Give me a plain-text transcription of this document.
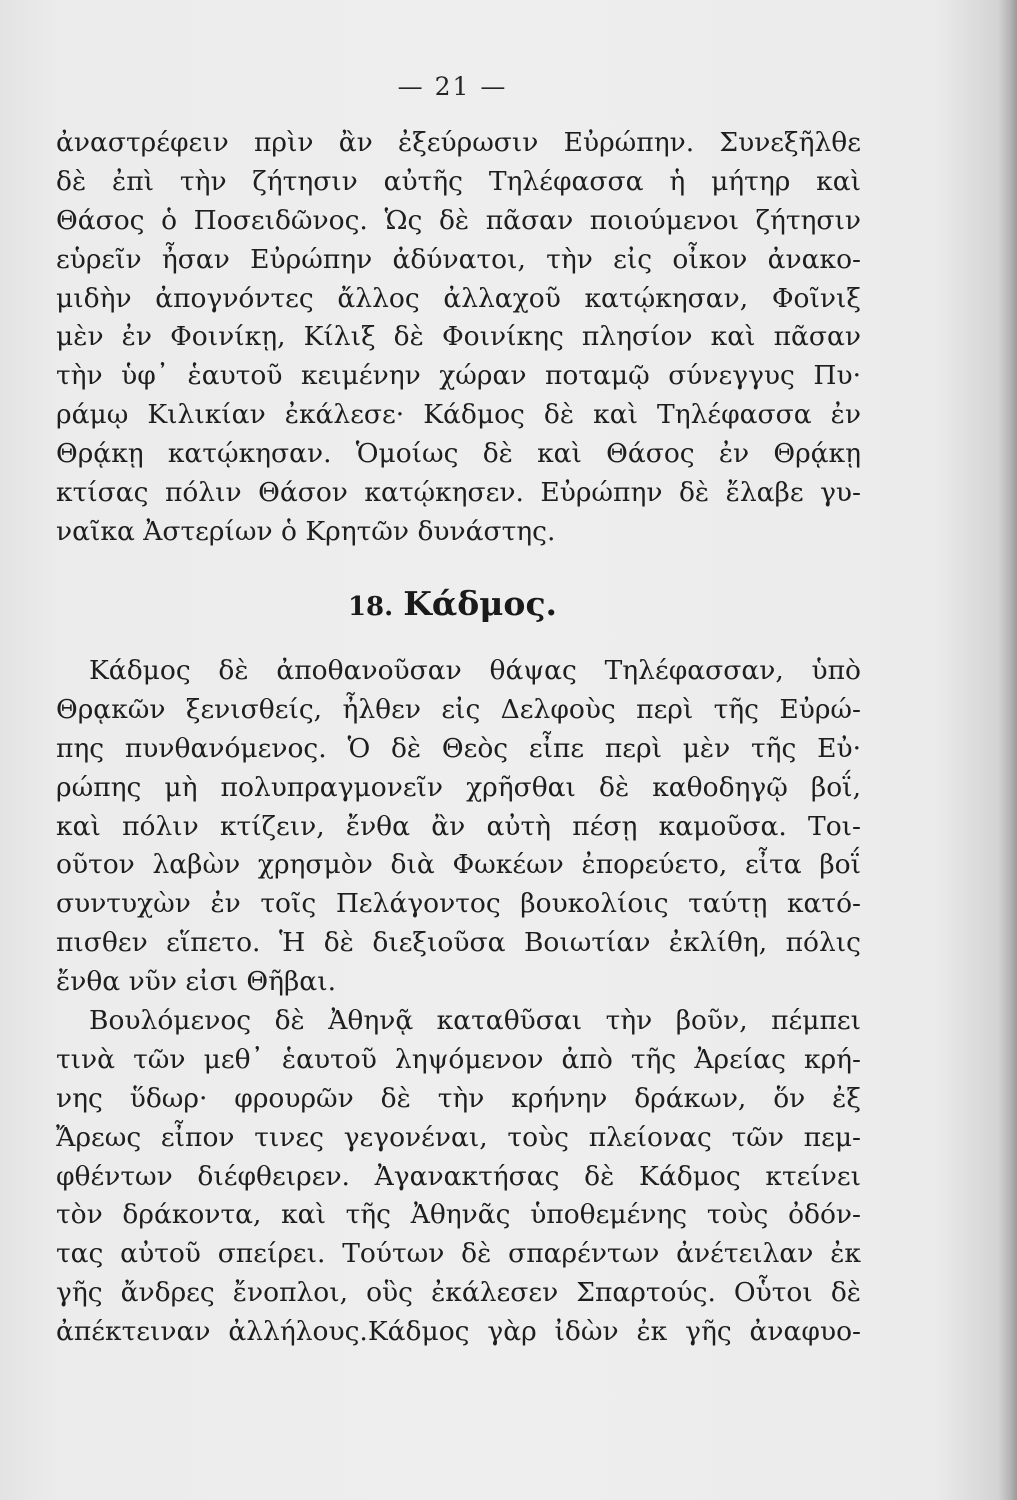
— 21 —
ἀναστρέφειν πρὶν ἂν ἐξεύρωσιν Εὐρώπην. Συνεξῆλθε
δὲ ἐπὶ τὴν ζήτησιν αὐτῆς Τηλέφασσα ἡ μήτηρ καὶ
Θάσος ὁ Ποσειδῶνος. Ὡς δὲ πᾶσαν ποιούμενοι ζήτησιν
εὑρεῖν ἦσαν Εὐρώπην ἀδύνατοι, τὴν εἰς οἶκον ἀνακο-
μιδὴν ἀπογνόντες ἄλλος ἀλλαχοῦ κατῴκησαν, Φοῖνιξ
μὲν ἐν Φοινίκῃ, Κίλιξ δὲ Φοινίκης πλησίον καὶ πᾶσαν
τὴν ὑφ᾽ ἑαυτοῦ κειμένην χώραν ποταμῷ σύνεγγυς Πυ·
ράμῳ Κιλικίαν ἐκάλεσε· Κάδμος δὲ καὶ Τηλέφασσα ἐν
Θρᾴκῃ κατῴκησαν. Ὁμοίως δὲ καὶ Θάσος ἐν Θρᾴκῃ
κτίσας πόλιν Θάσον κατῴκησεν. Εὐρώπην δὲ ἔλαβε γυ-
ναῖκα Ἀστερίων ὁ Κρητῶν δυνάστης.
18. Κάδμος.
Κάδμος δὲ ἀποθανοῦσαν θάψας Τηλέφασσαν, ὑπὸ
Θρᾳκῶν ξενισθείς, ἦλθεν εἰς Δελφοὺς περὶ τῆς Εὐρώ-
πης πυνθανόμενος. Ὁ δὲ Θεὸς εἶπε περὶ μὲν τῆς Εὐ·
ρώπης μὴ πολυπραγμονεῖν χρῆσθαι δὲ καθοδηγῷ βοΐ,
καὶ πόλιν κτίζειν, ἔνθα ἂν αὐτὴ πέσῃ καμοῦσα. Τοι-
οῦτον λαβὼν χρησμὸν διὰ Φωκέων ἐπορεύετο, εἶτα βοΐ
συντυχὼν ἐν τοῖς Πελάγοντος βουκολίοις ταύτῃ κατό-
πισθεν εἵπετο. Ἡ δὲ διεξιοῦσα Βοιωτίαν ἐκλίθη, πόλις
ἔνθα νῦν εἰσι Θῆβαι.
Βουλόμενος δὲ Ἀθηνᾷ καταθῦσαι τὴν βοῦν, πέμπει
τινὰ τῶν μεθ᾽ ἑαυτοῦ ληψόμενον ἀπὸ τῆς Ἀρείας κρή-
νης ὕδωρ· φρουρῶν δὲ τὴν κρήνην δράκων, ὅν ἐξ
Ἄρεως εἶπον τινες γεγονέναι, τοὺς πλείονας τῶν πεμ-
φθέντων διέφθειρεν. Ἀγανακτήσας δὲ Κάδμος κτείνει
τὸν δράκοντα, καὶ τῆς Ἀθηνᾶς ὑποθεμένης τοὺς ὀδόν-
τας αὐτοῦ σπείρει. Τούτων δὲ σπαρέντων ἀνέτειλαν ἐκ
γῆς ἄνδρες ἔνοπλοι, οὓς ἐκάλεσεν Σπαρτούς. Οὗτοι δὲ
ἀπέκτειναν ἀλλήλους.Κάδμος γὰρ ἰδὼν ἐκ γῆς ἀναφυο-
